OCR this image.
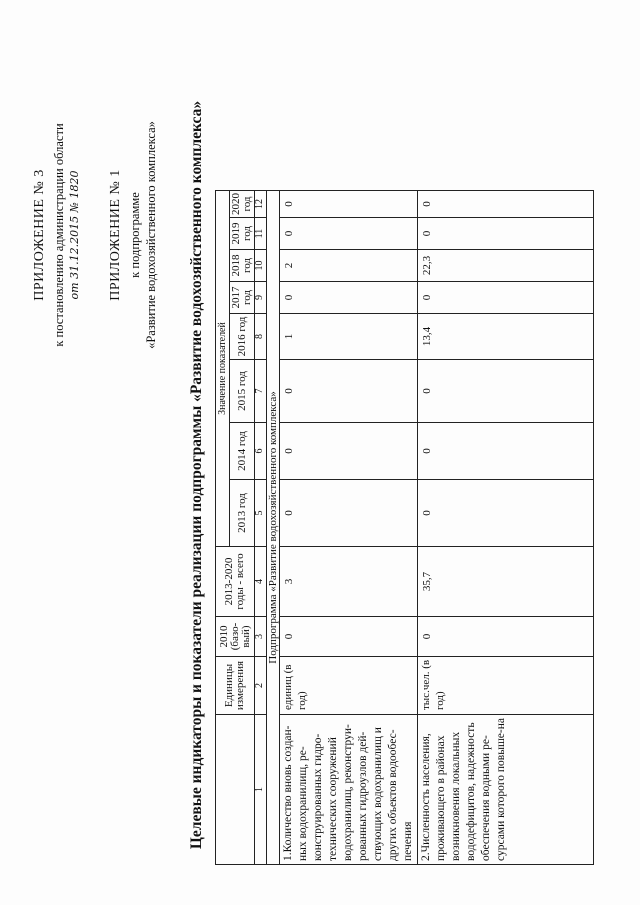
ПРИЛОЖЕНИЕ № 3 к постановлению администрации области от 31.12.2015 № 1820 ПРИЛОЖЕНИЕ № 1 к подпрограмме «Развитие водохозяйственного комплекса» Целевые индикаторы и показатели реализации подпрограммы «Развитие водохозяйственного комплекса»
	Единицы измерения	2010 (базо-вый)	2013-2020 годы - всего	Значение показателей							
				2013 год	2014 год	2015 год	2016 год	2017 год	2018 год	2019 год	2020 год
1	2	3	4	5	6	7	8	9	10	11	12
Подпрограмма «Развитие водохозяйственного комплекса»											
1.Количество вновь создан-ных водохранилищ, ре-конструированных гидро-технических сооружений водохранилищ, реконструи-рованных гидроузлов дей-ствующих водохранилищ и других объектов водообес-печения	единиц (в год)	0	3	0	0	0	1	0	2	0	0
2.Численность населения, проживающего в районах возникновения локальных вододефицитов, надежность обеспечения водными ре-сурсами которого повыше-на	тыс.чел. (в год)	0	35,7	0	0	0	13,4	0	22,3	0	0
